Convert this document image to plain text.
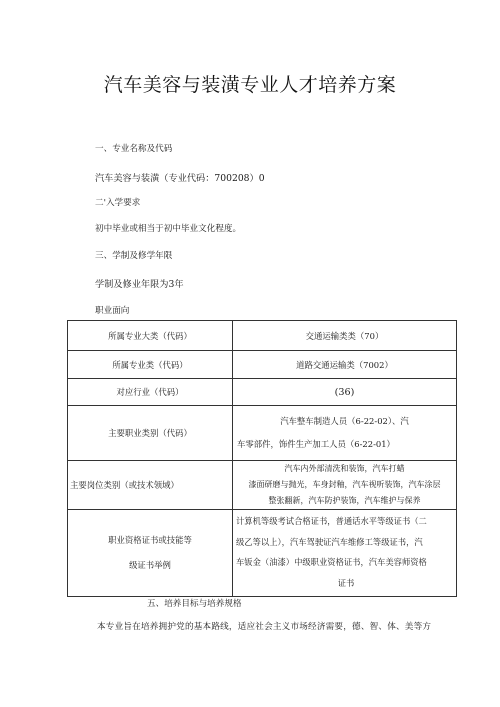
汽车美容与装潢专业人才培养方案
一、专业名称及代码
汽车美容与装潢（专业代码：700208）0
二'入学要求
初中毕业或相当于初中毕业文化程度。
三、学制及修学年限
学制及修业年限为3年
职业面向
所属专业大类（代码）	交通运输类类（70）
所属专业类（代码）	道路交通运输类（7002）
对应行业（代码）	(36)
主要职业类别（代码）	汽车整车制造人员（6-22-02）、汽
车零部件，饰件生产加工人员（6-22-01）

主要岗位类别（或技术领域）	汽车内外部清洗和装饰，汽车打蜡
漆面研磨与抛光，车身封釉，汽车视听装饰，汽车涂层
整张翻新，汽车防护装饰，汽车维护与保养

职业资格证书或技能等
级证书举例	计算机等级考试合格证书，普通话水平等级证书（二
级乙等以上），汽车驾驶证汽车维修工等级证书，汽
车钣金（油漆）中级职业资格证书，汽车美容师资格
证书
五、培养目标与培养规格
本专业旨在培养拥护党的基本路线，适应社会主义市场经济需要，德、智、体、美等方
